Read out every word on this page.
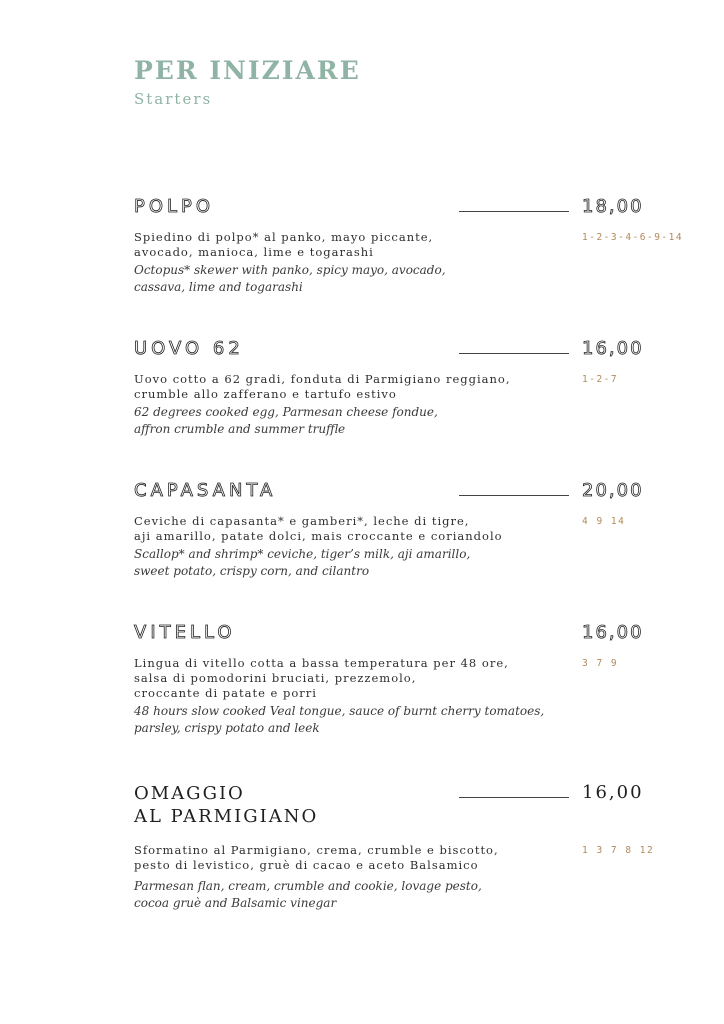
PER INIZIARE
Starters
POLPO	18,00
Spiedino di polpo* al panko, mayo piccante,
avocado, manioca, lime e togarashi
1-2-3-4-6-9-14
Octopus* skewer with panko, spicy mayo, avocado,
cassava, lime and togarashi
UOVO 62	16,00
Uovo cotto a 62 gradi, fonduta di Parmigiano reggiano,
crumble allo zafferano e tartufo estivo
1-2-7
62 degrees cooked egg, Parmesan cheese fondue,
affron crumble and summer truffle
CAPASANTA	20,00
Ceviche di capasanta* e gamberi*, leche di tigre,
aji amarillo, patate dolci, mais croccante e coriandolo
4 9 14
Scallop* and shrimp* ceviche, tiger’s milk, aji amarillo,
sweet potato, crispy corn, and cilantro
VITELLO	16,00
Lingua di vitello cotta a bassa temperatura per 48 ore,
salsa di pomodorini bruciati, prezzemolo,
croccante di patate e porri
3 7 9
48 hours slow cooked Veal tongue, sauce of burnt cherry tomatoes,
parsley, crispy potato and leek
OMAGGIO
AL PARMIGIANO
16,00
Sformatino al Parmigiano, crema, crumble e biscotto,
pesto di levistico, gruè di cacao e aceto Balsamico
1 3 7 8 12
Parmesan flan, cream, crumble and cookie, lovage pesto,
cocoa gruè and Balsamic vinegar
